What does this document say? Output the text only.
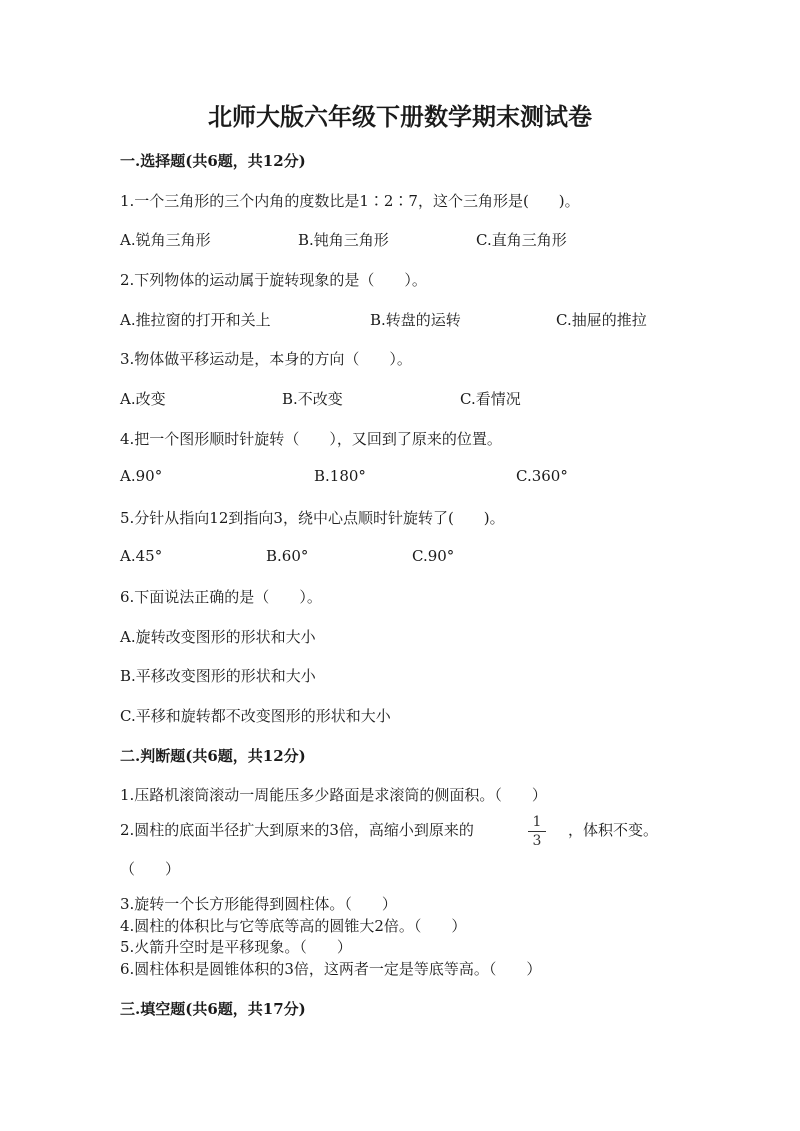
北师大版六年级下册数学期末测试卷
一.选择题(共6题，共12分)
1.一个三角形的三个内角的度数比是1∶2∶7，这个三角形是(　　)。
A.锐角三角形	B.钝角三角形	C.直角三角形
2.下列物体的运动属于旋转现象的是（　　）。
A.推拉窗的打开和关上	B.转盘的运转	C.抽屉的推拉
3.物体做平移运动是，本身的方向（　　）。
A.改变	B.不改变	C.看情况
4.把一个图形顺时针旋转（　　），又回到了原来的位置。
A.90°	B.180°	C.360°
5.分针从指向12到指向3，绕中心点顺时针旋转了(　　)。
A.45°	B.60°	C.90°
6.下面说法正确的是（　　）。
A.旋转改变图形的形状和大小
B.平移改变图形的形状和大小
C.平移和旋转都不改变图形的形状和大小
二.判断题(共6题，共12分)
1.压路机滚筒滚动一周能压多少路面是求滚筒的侧面积。（　　）
2.圆柱的底面半径扩大到原来的3倍，高缩小到原来的	1
3
，体积不变。
（　　）
3.旋转一个长方形能得到圆柱体。（　　）
4.圆柱的体积比与它等底等高的圆锥大2倍。（　　）
5.火箭升空时是平移现象。（　　）
6.圆柱体积是圆锥体积的3倍，这两者一定是等底等高。（　　）
三.填空题(共6题，共17分)
